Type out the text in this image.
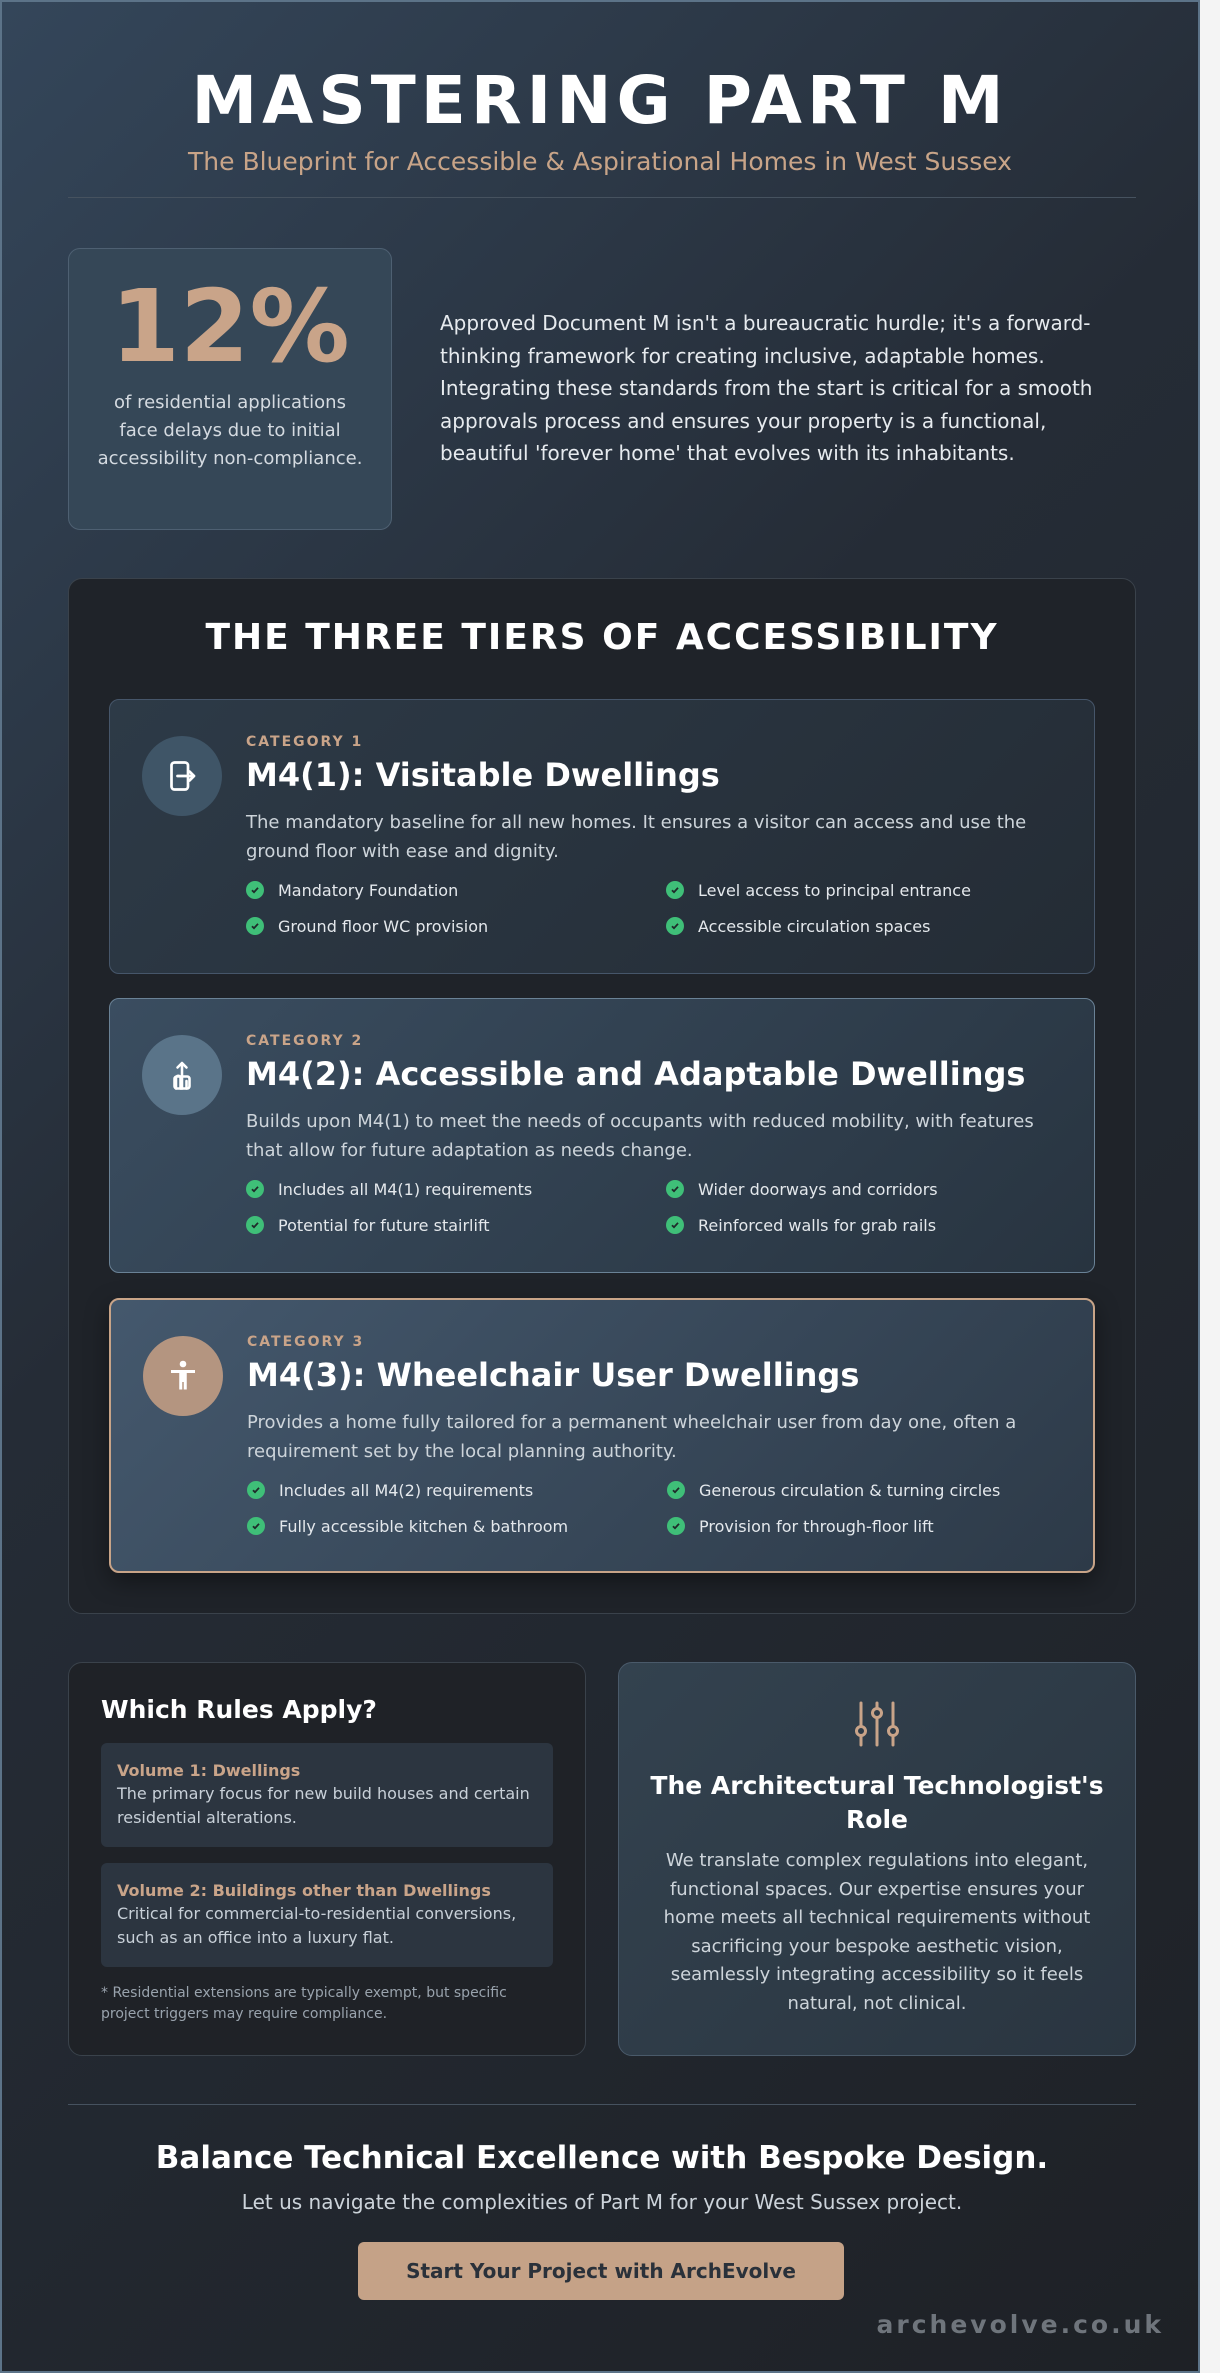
MASTERING PART M
The Blueprint for Accessible & Aspirational Homes in West Sussex
12%
of residential applications face delays due to initial accessibility non-compliance.
Approved Document M isn't a bureaucratic hurdle; it's a forward-thinking framework for creating inclusive, adaptable homes. Integrating these standards from the start is critical for a smooth approvals process and ensures your property is a functional, beautiful 'forever home' that evolves with its inhabitants.
THE THREE TIERS OF ACCESSIBILITY
CATEGORY 1
M4(1): Visitable Dwellings
The mandatory baseline for all new homes. It ensures a visitor can access and use the ground floor with ease and dignity.
Mandatory Foundation	Level access to principal entrance
Ground floor WC provision	Accessible circulation spaces
CATEGORY 2
M4(2): Accessible and Adaptable Dwellings
Builds upon M4(1) to meet the needs of occupants with reduced mobility, with features that allow for future adaptation as needs change.
Includes all M4(1) requirements	Wider doorways and corridors
Potential for future stairlift	Reinforced walls for grab rails
CATEGORY 3
M4(3): Wheelchair User Dwellings
Provides a home fully tailored for a permanent wheelchair user from day one, often a requirement set by the local planning authority.
Includes all M4(2) requirements	Generous circulation & turning circles
Fully accessible kitchen & bathroom	Provision for through-floor lift
Which Rules Apply?
Volume 1: Dwellings
The primary focus for new build houses and certain residential alterations.
Volume 2: Buildings other than Dwellings
Critical for commercial-to-residential conversions, such as an office into a luxury flat.
* Residential extensions are typically exempt, but specific project triggers may require compliance.
The Architectural Technologist's Role
We translate complex regulations into elegant, functional spaces. Our expertise ensures your home meets all technical requirements without sacrificing your bespoke aesthetic vision, seamlessly integrating accessibility so it feels natural, not clinical.
Balance Technical Excellence with Bespoke Design.
Let us navigate the complexities of Part M for your West Sussex project.
Start Your Project with ArchEvolve
archevolve.co.uk
